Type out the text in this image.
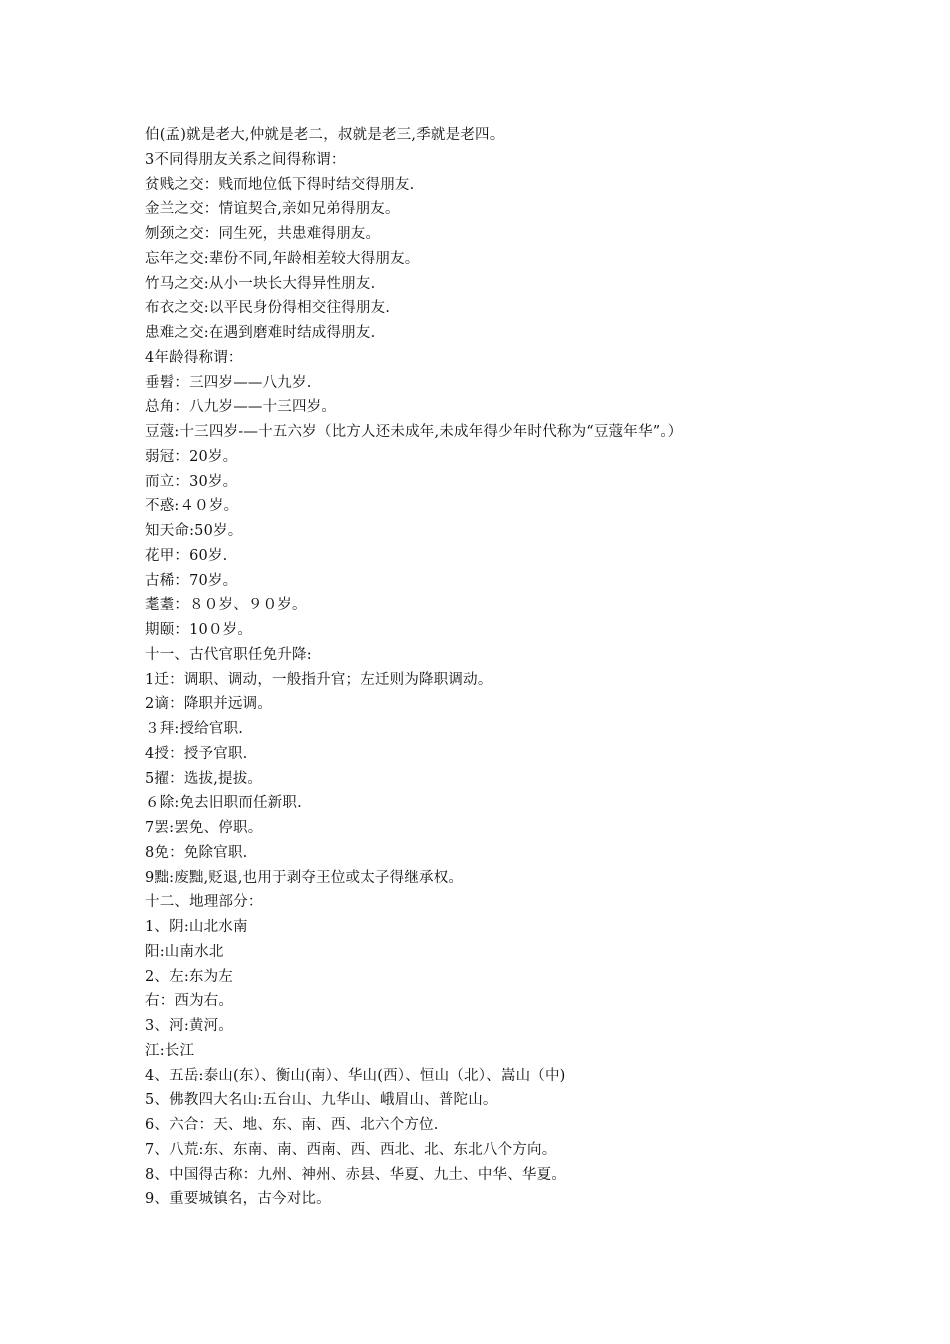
伯(孟)就是老大,仲就是老二，叔就是老三,季就是老四。
3不同得朋友关系之间得称谓：
贫贱之交：贱而地位低下得时结交得朋友.
金兰之交：情谊契合,亲如兄弟得朋友。
刎颈之交：同生死，共患难得朋友。
忘年之交:辈份不同,年龄相差较大得朋友。
竹马之交:从小一块长大得异性朋友.
布衣之交:以平民身份得相交往得朋友.
患难之交:在遇到磨难时结成得朋友.
4年龄得称谓：
垂髫：三四岁——八九岁.
总角：八九岁——十三四岁。
豆蔻:十三四岁-—十五六岁（比方人还未成年,未成年得少年时代称为“豆蔻年华”。）
弱冠：20岁。
而立：30岁。
不惑:４０岁。
知天命:50岁。
花甲：60岁.
古稀：70岁。
耄耋：８０岁、９０岁。
期颐：10０岁。
十一、古代官职任免升降:
1迁：调职、调动，一般指升官；左迁则为降职调动。
2谪：降职并远调。
３拜:授给官职.
4授：授予官职.
5擢：选拔,提拔。
６除:免去旧职而任新职.
7罢:罢免、停职。
8免：免除官职.
9黜:废黜,贬退,也用于剥夺王位或太子得继承权。
十二、地理部分：
1、阴:山北水南
阳:山南水北
2、左:东为左
右：西为右。
3、河:黄河。
江:长江
4、五岳:泰山(东）、衡山(南）、华山(西）、恒山（北）、嵩山（中)
5、佛教四大名山:五台山、九华山、峨眉山、普陀山。
6、六合：天、地、东、南、西、北六个方位.
7、八荒:东、东南、南、西南、西、西北、北、东北八个方向。
8、中国得古称：九州、神州、赤县、华夏、九土、中华、华夏。
9、重要城镇名，古今对比。
